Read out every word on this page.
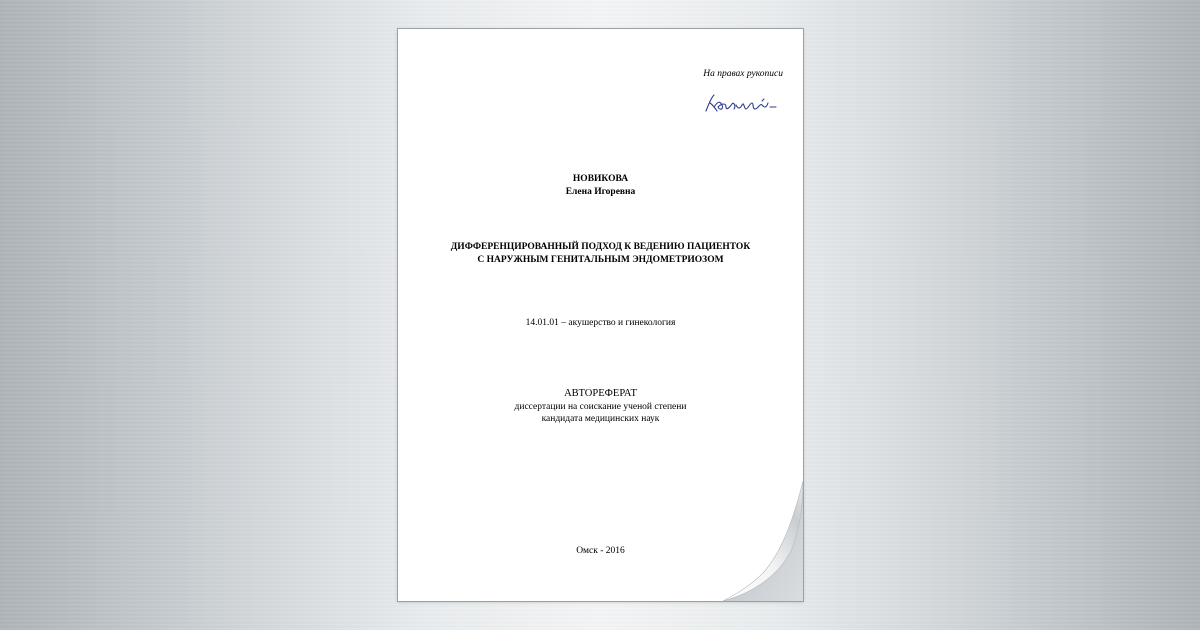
На правах рукописи
НОВИКОВА
Елена Игоревна
ДИФФЕРЕНЦИРОВАННЫЙ ПОДХОД К ВЕДЕНИЮ ПАЦИЕНТОК
С НАРУЖНЫМ ГЕНИТАЛЬНЫМ ЭНДОМЕТРИОЗОМ
14.01.01 – акушерство и гинекология
АВТОРЕФЕРАТ
диссертации на соискание ученой степени
кандидата медицинских наук
Омск - 2016
